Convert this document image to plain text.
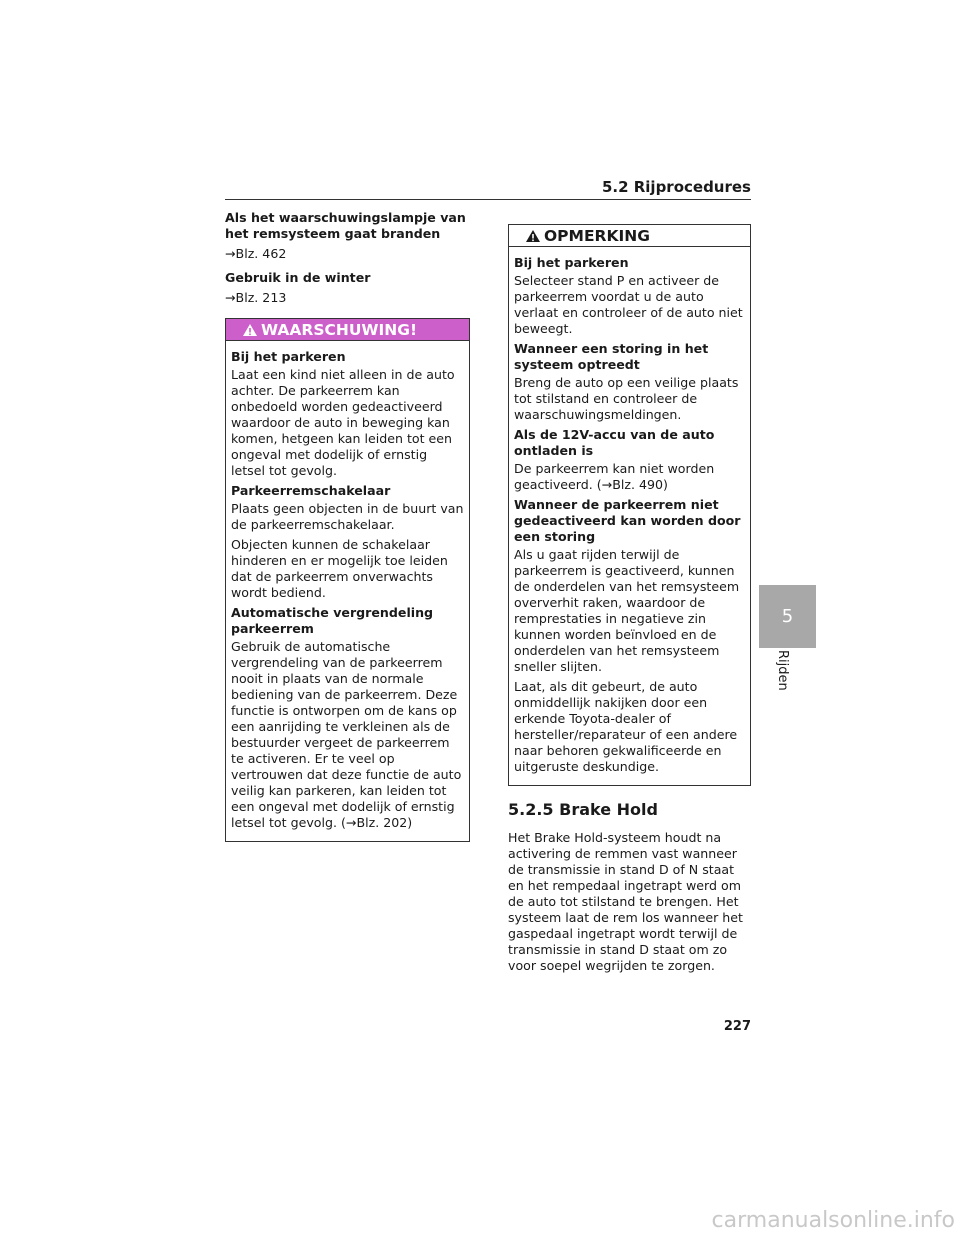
5.2 Rijprocedures
Als het waarschuwingslampje van het remsysteem gaat branden
→Blz. 462
Gebruik in de winter
→Blz. 213
WAARSCHUWING!
Bij het parkeren
Laat een kind niet alleen in de auto achter. De parkeerrem kan onbedoeld worden gedeactiveerd waardoor de auto in beweging kan komen, hetgeen kan leiden tot een ongeval met dodelijk of ernstig letsel tot gevolg.
Parkeerremschakelaar
Plaats geen objecten in de buurt van de parkeerremschakelaar.
Objecten kunnen de schakelaar hinderen en er mogelijk toe leiden dat de parkeerrem onverwachts wordt bediend.
Automatische vergrendeling parkeerrem
Gebruik de automatische vergrendeling van de parkeerrem nooit in plaats van de normale bediening van de parkeerrem. Deze functie is ontworpen om de kans op een aanrijding te verkleinen als de bestuurder vergeet de parkeerrem te activeren. Er te veel op vertrouwen dat deze functie de auto veilig kan parkeren, kan leiden tot een ongeval met dodelijk of ernstig letsel tot gevolg. (→Blz. 202)
OPMERKING
Bij het parkeren
Selecteer stand P en activeer de parkeerrem voordat u de auto verlaat en controleer of de auto niet beweegt.
Wanneer een storing in het systeem optreedt
Breng de auto op een veilige plaats tot stilstand en controleer de waarschuwingsmeldingen.
Als de 12V-accu van de auto ontladen is
De parkeerrem kan niet worden geactiveerd. (→Blz. 490)
Wanneer de parkeerrem niet gedeactiveerd kan worden door een storing
Als u gaat rijden terwijl de parkeerrem is geactiveerd, kunnen de onderdelen van het remsysteem oververhit raken, waardoor de remprestaties in negatieve zin kunnen worden beïnvloed en de onderdelen van het remsysteem sneller slijten.
Laat, als dit gebeurt, de auto onmiddellijk nakijken door een erkende Toyota-dealer of hersteller/reparateur of een andere naar behoren gekwalificeerde en uitgeruste deskundige.
5.2.5 Brake Hold
Het Brake Hold-systeem houdt na activering de remmen vast wanneer de transmissie in stand D of N staat en het rempedaal ingetrapt werd om de auto tot stilstand te brengen. Het systeem laat de rem los wanneer het gaspedaal ingetrapt wordt terwijl de transmissie in stand D staat om zo voor soepel wegrijden te zorgen.
5
Rijden
227
carmanualsonline.info
